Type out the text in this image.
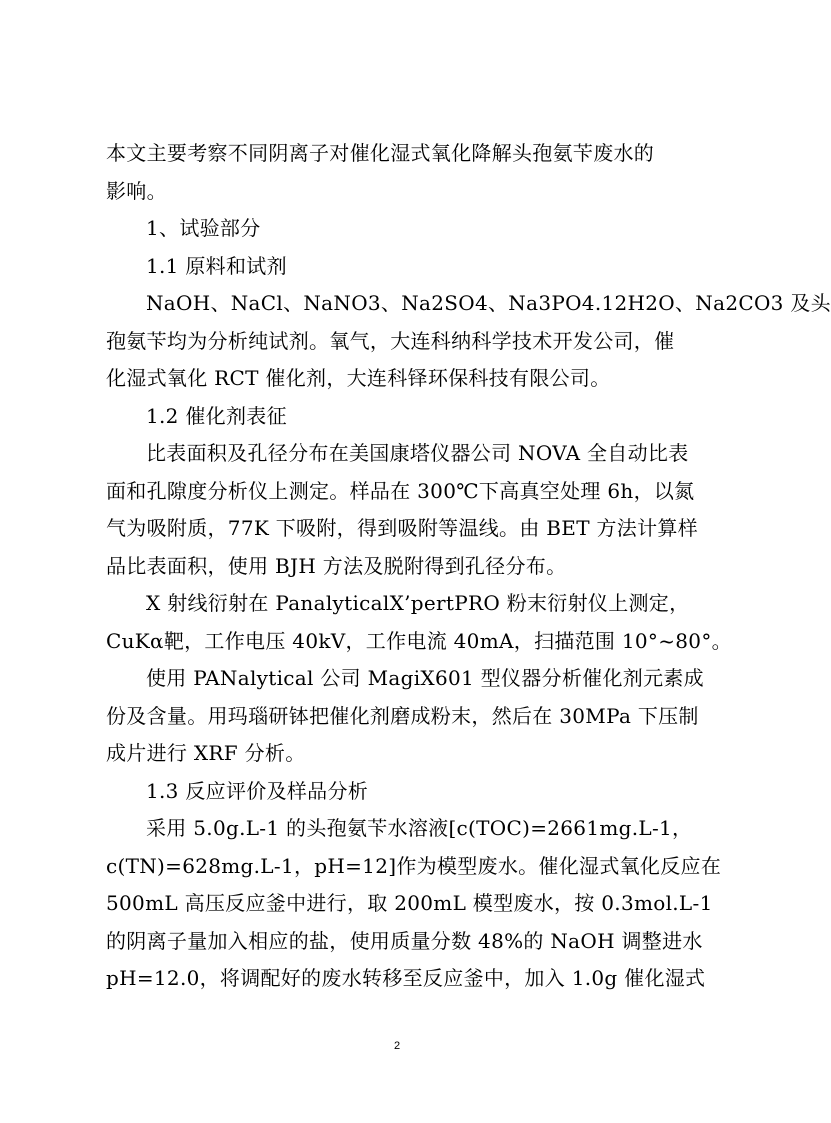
本文主要考察不同阴离子对催化湿式氧化降解头孢氨苄废水的
影响。
1、试验部分
1.1 原料和试剂
NaOH、NaCl、NaNO3、Na2SO4、Na3PO4.12H2O、Na2CO3 及头
孢氨苄均为分析纯试剂。氧气，大连科纳科学技术开发公司，催
化湿式氧化 RCT 催化剂，大连科铎环保科技有限公司。
1.2 催化剂表征
比表面积及孔径分布在美国康塔仪器公司 NOVA 全自动比表
面和孔隙度分析仪上测定。样品在 300℃下高真空处理 6h，以氮
气为吸附质，77K 下吸附，得到吸附等温线。由 BET 方法计算样
品比表面积，使用 BJH 方法及脱附得到孔径分布。
X 射线衍射在 PanalyticalX’pertPRO 粉末衍射仪上测定，
CuKα靶，工作电压 40kV，工作电流 40mA，扫描范围 10°~80°。
使用 PANalytical 公司 MagiX601 型仪器分析催化剂元素成
份及含量。用玛瑙研钵把催化剂磨成粉末，然后在 30MPa 下压制
成片进行 XRF 分析。
1.3 反应评价及样品分析
采用 5.0g.L-1 的头孢氨苄水溶液[c(TOC)=2661mg.L-1，
c(TN)=628mg.L-1，pH=12]作为模型废水。催化湿式氧化反应在
500mL 高压反应釜中进行，取 200mL 模型废水，按 0.3mol.L-1
的阴离子量加入相应的盐，使用质量分数 48%的 NaOH 调整进水
pH=12.0，将调配好的废水转移至反应釜中，加入 1.0g 催化湿式
2
